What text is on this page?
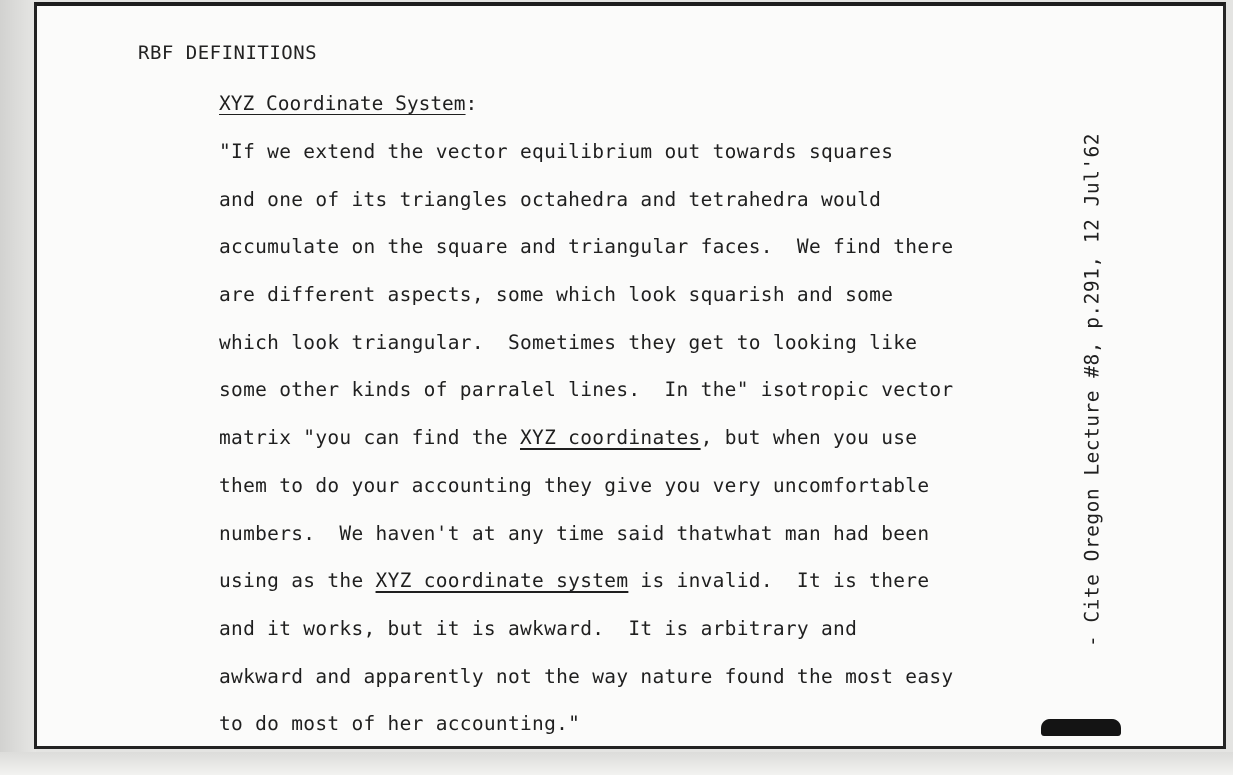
RBF DEFINITIONS
XYZ Coordinate System:
"If we extend the vector equilibrium out towards squares
and one of its triangles octahedra and tetrahedra would
accumulate on the square and triangular faces.  We find there
are different aspects, some which look squarish and some
which look triangular.  Sometimes they get to looking like
some other kinds of parralel lines.  In the" isotropic vector
matrix "you can find the XYZ coordinates, but when you use
them to do your accounting they give you very uncomfortable
numbers.  We haven't at any time said thatwhat man had been
using as the XYZ coordinate system is invalid.  It is there
and it works, but it is awkward.  It is arbitrary and
awkward and apparently not the way nature found the most easy
to do most of her accounting."
- Cite Oregon Lecture #8, p.291, 12 Jul'62
